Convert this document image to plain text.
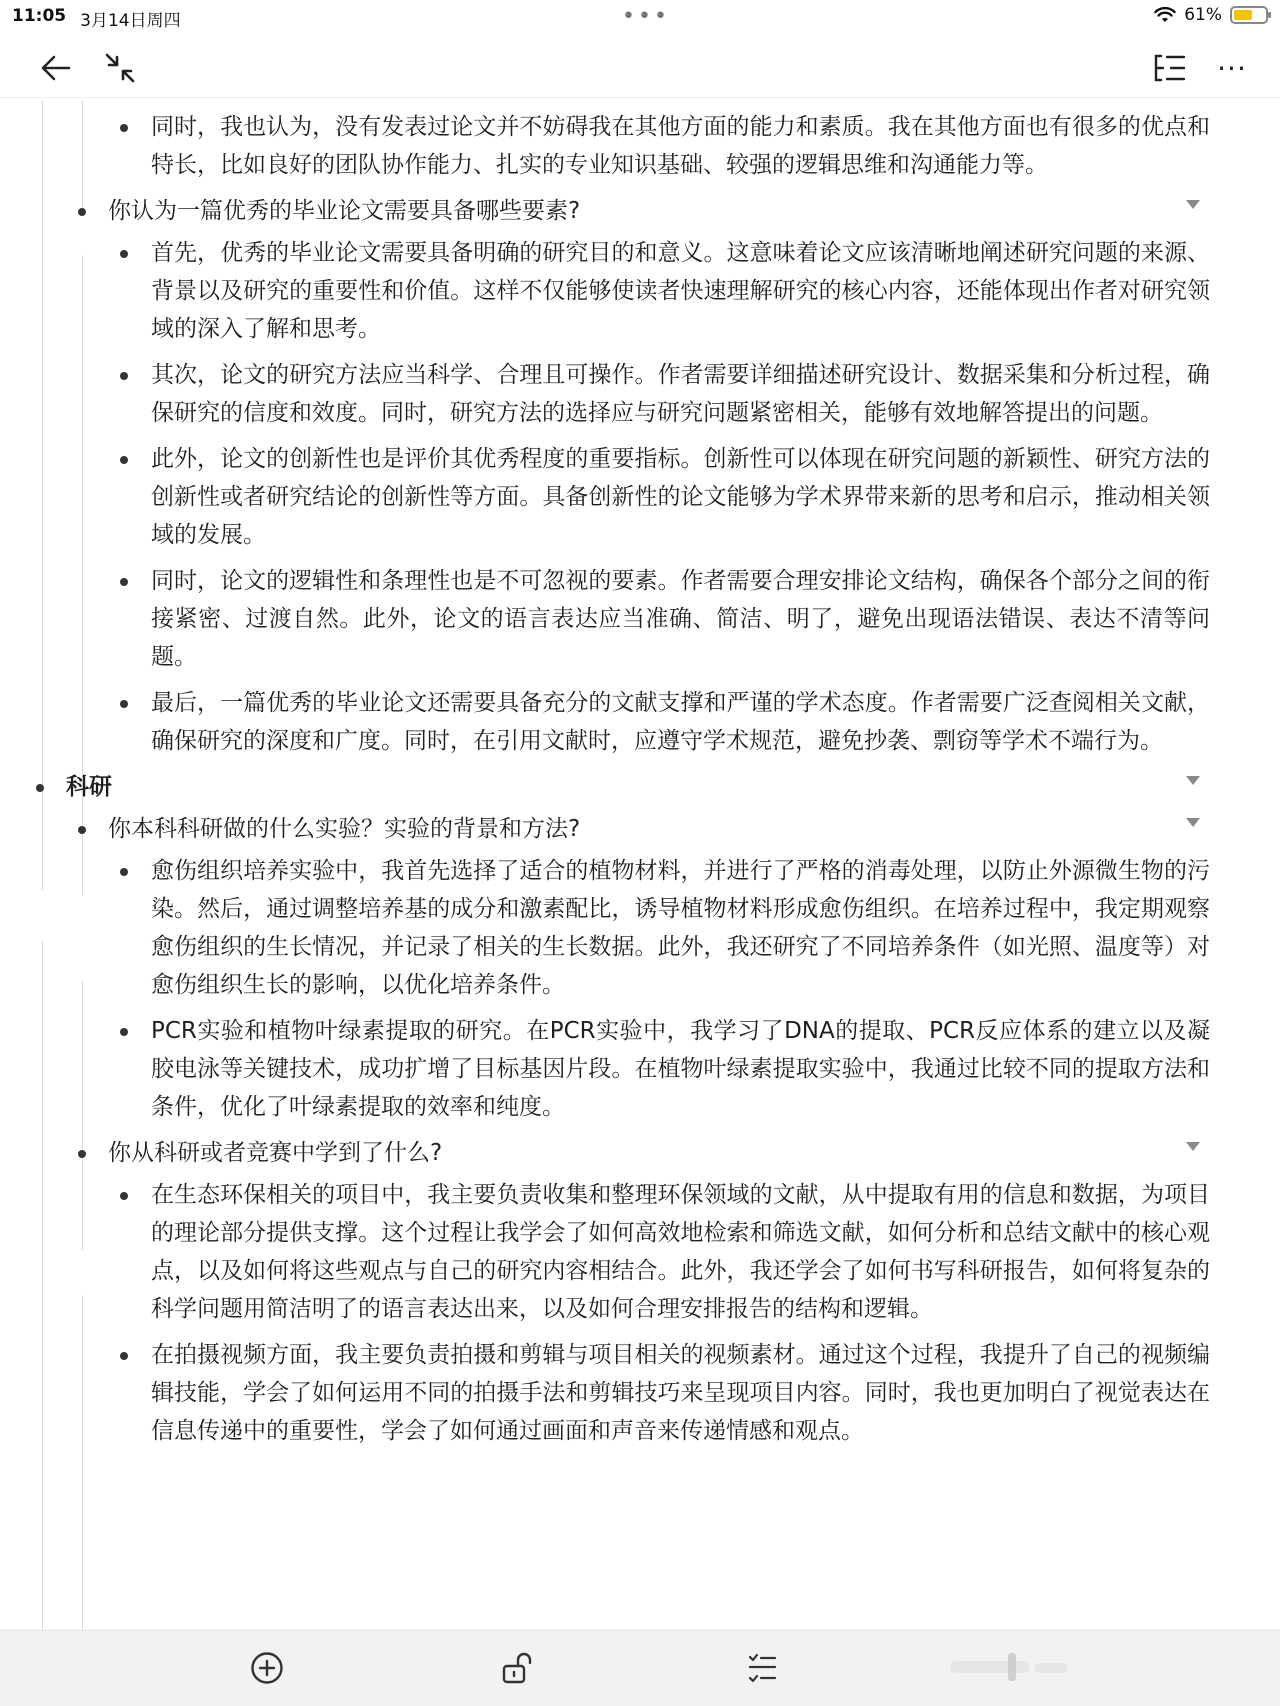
11:05 3月14日周四	•••	61%
···
同时，我也认为，没有发表过论文并不妨碍我在其他方面的能力和素质。我在其他方面也有很多的优点和特长，比如良好的团队协作能力、扎实的专业知识基础、较强的逻辑思维和沟通能力等。
你认为一篇优秀的毕业论文需要具备哪些要素?
首先，优秀的毕业论文需要具备明确的研究目的和意义。这意味着论文应该清晰地阐述研究问题的来源、背景以及研究的重要性和价值。这样不仅能够使读者快速理解研究的核心内容，还能体现出作者对研究领域的深入了解和思考。
其次，论文的研究方法应当科学、合理且可操作。作者需要详细描述研究设计、数据采集和分析过程，确保研究的信度和效度。同时，研究方法的选择应与研究问题紧密相关，能够有效地解答提出的问题。
此外，论文的创新性也是评价其优秀程度的重要指标。创新性可以体现在研究问题的新颖性、研究方法的创新性或者研究结论的创新性等方面。具备创新性的论文能够为学术界带来新的思考和启示，推动相关领域的发展。
同时，论文的逻辑性和条理性也是不可忽视的要素。作者需要合理安排论文结构，确保各个部分之间的衔接紧密、过渡自然。此外，论文的语言表达应当准确、简洁、明了，避免出现语法错误、表达不清等问题。
最后，一篇优秀的毕业论文还需要具备充分的文献支撑和严谨的学术态度。作者需要广泛查阅相关文献，确保研究的深度和广度。同时，在引用文献时，应遵守学术规范，避免抄袭、剽窃等学术不端行为。
科研
你本科科研做的什么实验？实验的背景和方法?
愈伤组织培养实验中，我首先选择了适合的植物材料，并进行了严格的消毒处理，以防止外源微生物的污染。然后，通过调整培养基的成分和激素配比，诱导植物材料形成愈伤组织。在培养过程中，我定期观察愈伤组织的生长情况，并记录了相关的生长数据。此外，我还研究了不同培养条件（如光照、温度等）对愈伤组织生长的影响，以优化培养条件。
PCR实验和植物叶绿素提取的研究。在PCR实验中，我学习了DNA的提取、PCR反应体系的建立以及凝胶电泳等关键技术，成功扩增了目标基因片段。在植物叶绿素提取实验中，我通过比较不同的提取方法和条件，优化了叶绿素提取的效率和纯度。
你从科研或者竞赛中学到了什么?
在生态环保相关的项目中，我主要负责收集和整理环保领域的文献，从中提取有用的信息和数据，为项目的理论部分提供支撑。这个过程让我学会了如何高效地检索和筛选文献，如何分析和总结文献中的核心观点，以及如何将这些观点与自己的研究内容相结合。此外，我还学会了如何书写科研报告，如何将复杂的科学问题用简洁明了的语言表达出来，以及如何合理安排报告的结构和逻辑。
在拍摄视频方面，我主要负责拍摄和剪辑与项目相关的视频素材。通过这个过程，我提升了自己的视频编辑技能，学会了如何运用不同的拍摄手法和剪辑技巧来呈现项目内容。同时，我也更加明白了视觉表达在信息传递中的重要性，学会了如何通过画面和声音来传递情感和观点。
